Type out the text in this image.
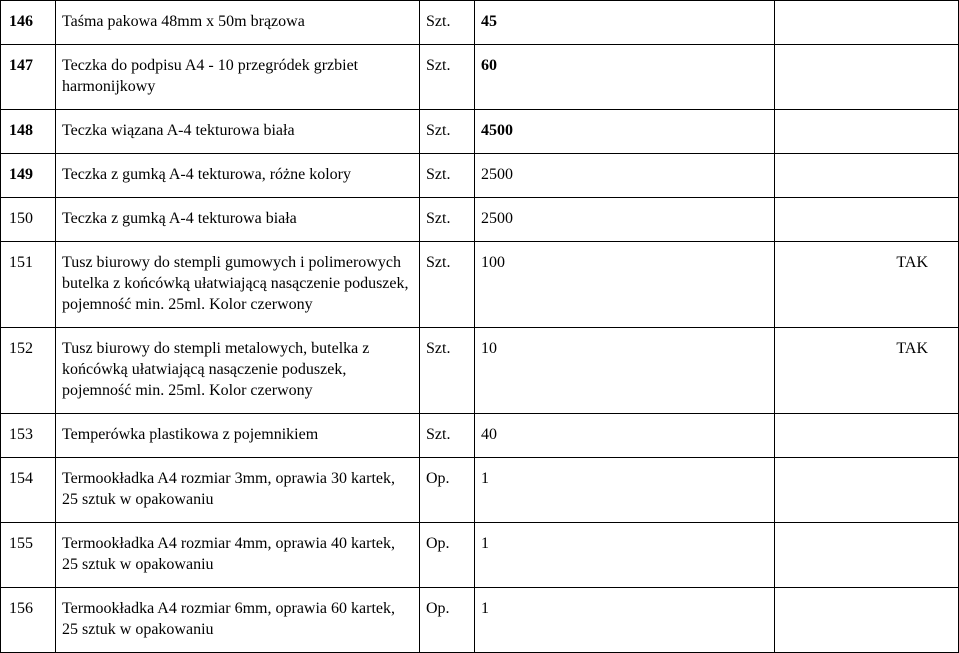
146	Taśma pakowa 48mm x 50m brązowa	Szt.	45	
147	Teczka do podpisu A4 - 10 przegródek grzbiet harmonijkowy	Szt.	60	
148	Teczka wiązana A-4 tekturowa biała	Szt.	4500	
149	Teczka z gumką A-4 tekturowa, różne kolory	Szt.	2500	
150	Teczka z gumką A-4 tekturowa biała	Szt.	2500	
151	Tusz biurowy do stempli gumowych i polimerowych butelka z końcówką ułatwiającą nasączenie poduszek, pojemność min. 25ml. Kolor czerwony	Szt.	100	TAK
152	Tusz biurowy do stempli metalowych, butelka z końcówką ułatwiającą nasączenie poduszek, pojemność min. 25ml. Kolor czerwony	Szt.	10	TAK
153	Temperówka plastikowa z pojemnikiem	Szt.	40	
154	Termookładka A4 rozmiar 3mm, oprawia 30 kartek, 25 sztuk w opakowaniu	Op.	1	
155	Termookładka A4 rozmiar 4mm, oprawia 40 kartek, 25 sztuk w opakowaniu	Op.	1	
156	Termookładka A4 rozmiar 6mm, oprawia 60 kartek, 25 sztuk w opakowaniu	Op.	1	
